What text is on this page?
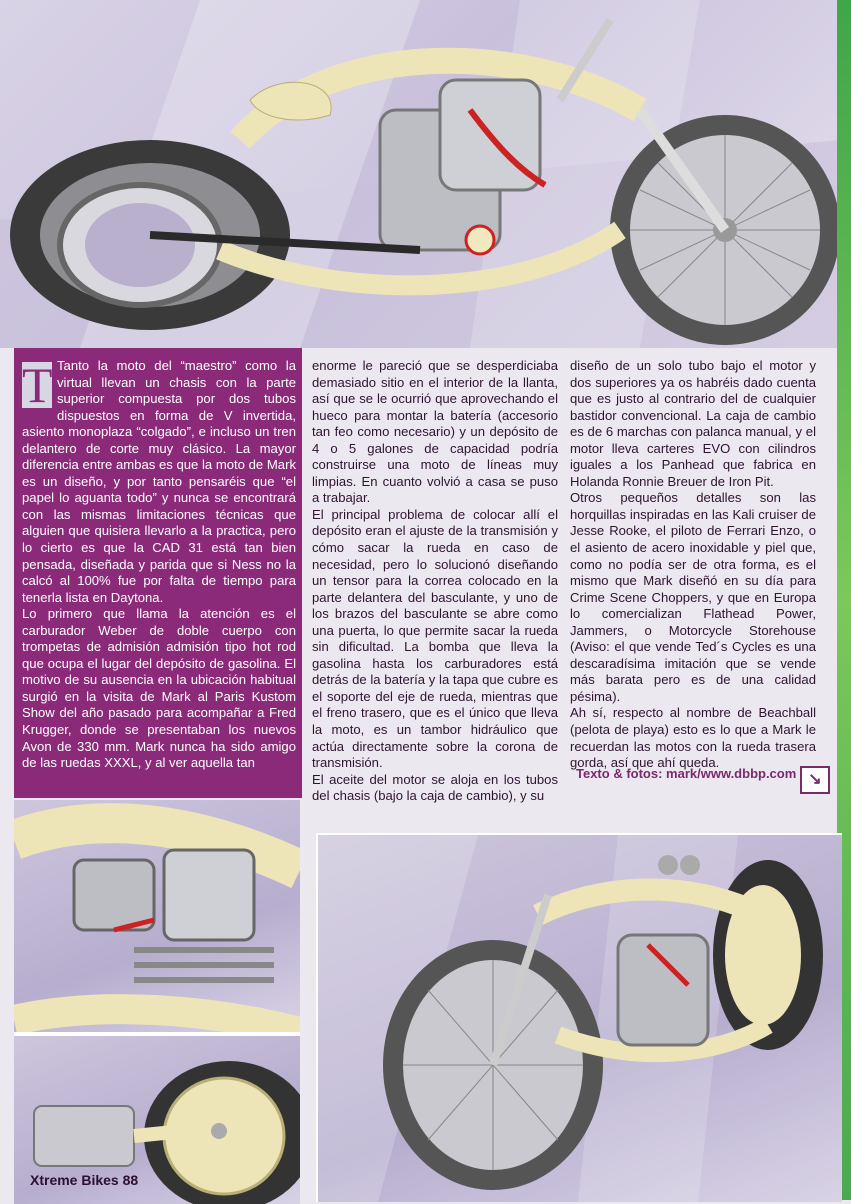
T Tanto la moto del “maestro” como la virtual llevan un chasis con la parte superior compuesta por dos tubos dispuestos en forma de V invertida, asiento monoplaza “colgado”, e incluso un tren delantero de corte muy clásico. La mayor diferencia entre ambas es que la moto de Mark es un diseño, y por tanto pensaréis que “el papel lo aguanta todo” y nunca se encontrará con las mismas limitaciones técnicas que alguien que quisiera llevarlo a la practica, pero lo cierto es que la CAD 31 está tan bien pensada, diseñada y parida que si Ness no la calcó al 100% fue por falta de tiempo para tenerla lista en Daytona.

Lo primero que llama la atención es el carburador Weber de doble cuerpo con trompetas de admisión admisión tipo hot rod que ocupa el lugar del depósito de gasolina. El motivo de su ausencia en la ubicación habitual surgió en la visita de Mark al Paris Kustom Show del año pasado para acompañar a Fred Krugger, donde se presentaban los nuevos Avon de 330 mm. Mark nunca ha sido amigo de las ruedas XXXL, y al ver aquella tan

enorme le pareció que se desperdiciaba demasiado sitio en el interior de la llanta, así que se le ocurrió que aprovechando el hueco para montar la batería (accesorio tan feo como necesario) y un depósito de 4 o 5 galones de capacidad podría construirse una moto de líneas muy limpias. En cuanto volvió a casa se puso a trabajar.

El principal problema de colocar allí el depósito eran el ajuste de la transmisión y cómo sacar la rueda en caso de necesidad, pero lo solucionó diseñando un tensor para la correa colocado en la parte delantera del basculante, y uno de los brazos del basculante se abre como una puerta, lo que permite sacar la rueda sin dificultad. La bomba que lleva la gasolina hasta los carburadores está detrás de la batería y la tapa que cubre es el soporte del eje de rueda, mientras que el freno trasero, que es el único que lleva la moto, es un tambor hidráulico que actúa directamente sobre la corona de transmisión.

El aceite del motor se aloja en los tubos del chasis (bajo la caja de cambio), y su

diseño de un solo tubo bajo el motor y dos superiores ya os habréis dado cuenta que es justo al contrario del de cualquier bastidor convencional. La caja de cambio es de 6 marchas con palanca manual, y el motor lleva carteres EVO con cilindros iguales a los Panhead que fabrica en Holanda Ronnie Breuer de Iron Pit.

Otros pequeños detalles son las horquillas inspiradas en las Kali cruiser de Jesse Rooke, el piloto de Ferrari Enzo, o el asiento de acero inoxidable y piel que, como no podía ser de otra forma, es el mismo que Mark diseñó en su día para Crime Scene Choppers, y que en Europa lo comercializan Flathead Power, Jammers, o Motorcycle Storehouse (Aviso: el que vende Ted´s Cycles es una descaradísima imitación que se vende más barata pero es de una calidad pésima).

Ah sí, respecto al nombre de Beachball (pelota de playa) esto es lo que a Mark le recuerdan las motos con la rueda trasera gorda, así que ahí queda.

Texto & fotos: mark/www.dbbp.com ↘
Xtreme Bikes 88
